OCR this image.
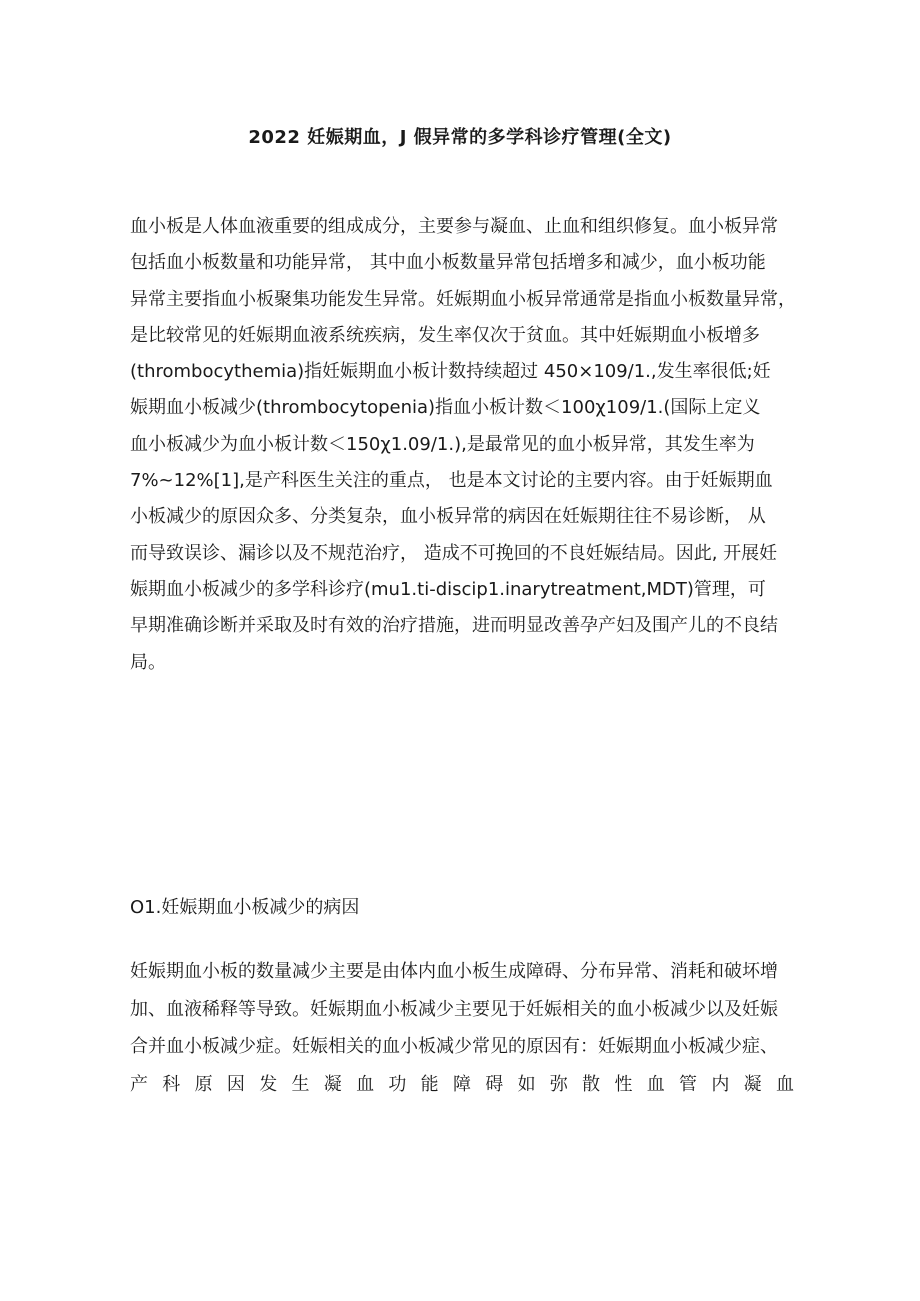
2022 妊娠期血，J 假异常的多学科诊疗管理(全文)
血小板是人体血液重要的组成成分，主要参与凝血、止血和组织修复。血小板异常
包括血小板数量和功能异常， 其中血小板数量异常包括增多和减少，血小板功能
异常主要指血小板聚集功能发生异常。妊娠期血小板异常通常是指血小板数量异常，
是比较常见的妊娠期血液系统疾病，发生率仅次于贫血。其中妊娠期血小板增多
(thrombocythemia)指妊娠期血小板计数持续超过 450×109/1.,发生率很低;妊
娠期血小板减少(thrombocytopenia)指血小板计数＜100χ109/1.(国际上定义
血小板减少为血小板计数＜150χ1.09/1.),是最常见的血小板异常，其发生率为
7%~12%[1],是产科医生关注的重点， 也是本文讨论的主要内容。由于妊娠期血
小板减少的原因众多、分类复杂，血小板异常的病因在妊娠期往往不易诊断， 从
而导致误诊、漏诊以及不规范治疗， 造成不可挽回的不良妊娠结局。因此, 开展妊
娠期血小板减少的多学科诊疗(mu1.ti-discip1.inarytreatment,MDT)管理，可
早期准确诊断并采取及时有效的治疗措施，进而明显改善孕产妇及围产儿的不良结
局。
O1.妊娠期血小板减少的病因
妊娠期血小板的数量减少主要是由体内血小板生成障碍、分布异常、消耗和破坏增
加、血液稀释等导致。妊娠期血小板减少主要见于妊娠相关的血小板减少以及妊娠
合并血小板减少症。妊娠相关的血小板减少常见的原因有：妊娠期血小板减少症、
产 科 原 因 发 生 凝 血 功 能 障 碍 如 弥 散 性 血 管 内 凝 血
